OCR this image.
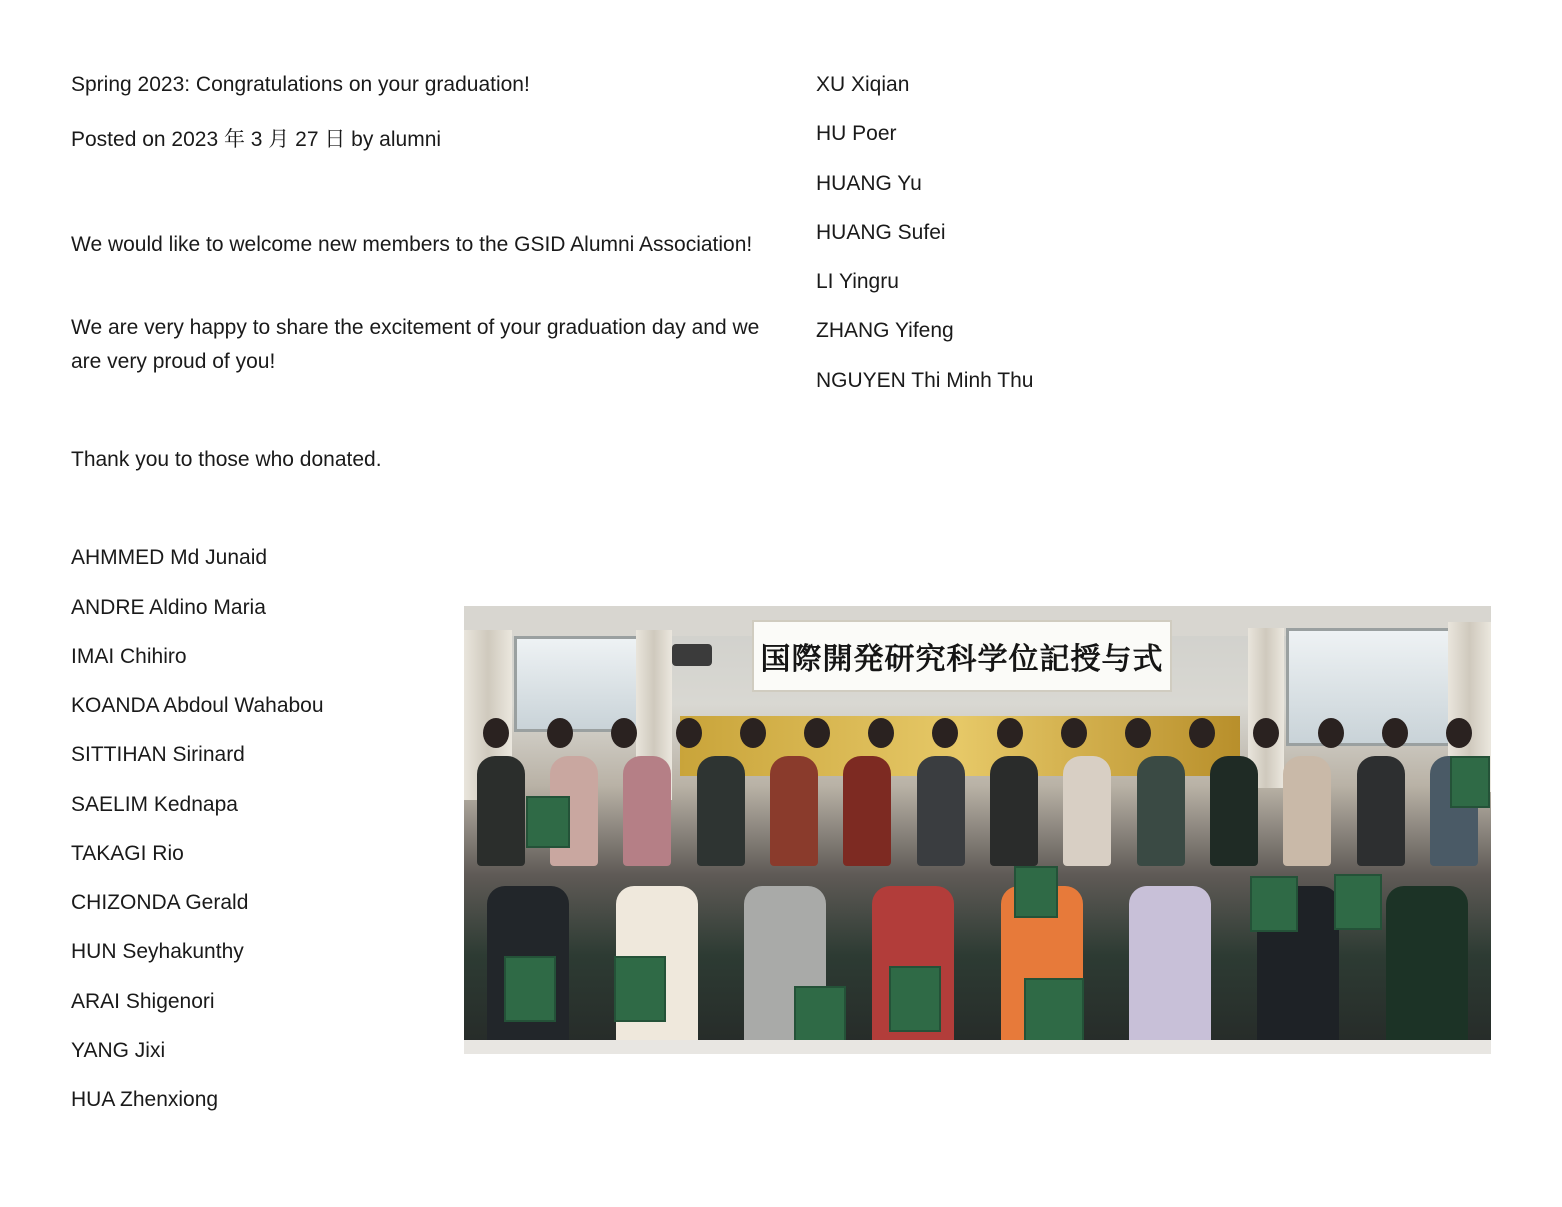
Spring 2023: Congratulations on your graduation!
Posted on 2023 年 3 月 27 日 by alumni
We would like to welcome new members to the GSID Alumni Association!
We are very happy to share the excitement of your graduation day and we are very proud of you!
Thank you to those who donated.
AHMMED Md Junaid
ANDRE Aldino Maria
IMAI Chihiro
KOANDA Abdoul Wahabou
SITTIHAN Sirinard
SAELIM Kednapa
TAKAGI Rio
CHIZONDA Gerald
HUN Seyhakunthy
ARAI Shigenori
YANG Jixi
HUA Zhenxiong
XU Xiqian
HU Poer
HUANG Yu
HUANG Sufei
LI Yingru
ZHANG Yifeng
NGUYEN Thi Minh Thu
国際開発研究科学位記授与式
